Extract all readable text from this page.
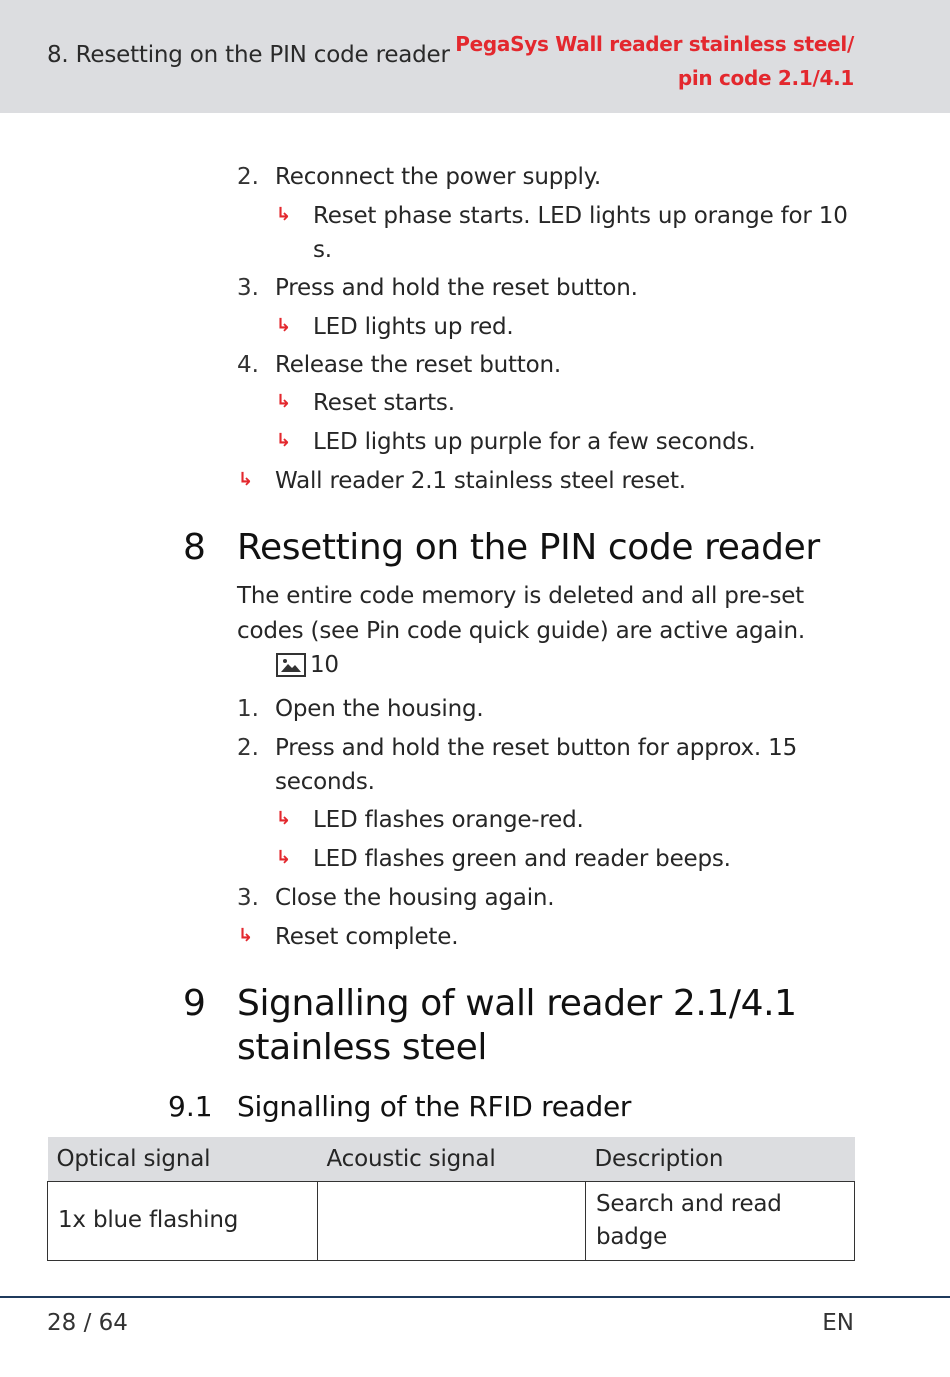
8. Resetting on the PIN code reader PegaSys Wall reader stainless steel/
pin code 2.1/4.1
2. Reconnect the power supply.
↳ Reset phase starts. LED lights up orange for 10
s.
3. Press and hold the reset button.
↳ LED lights up red.
4. Release the reset button.
↳ Reset starts.
↳ LED lights up purple for a few seconds.
↳ Wall reader 2.1 stainless steel reset.
8 Resetting on the PIN code reader
The entire code memory is deleted and all pre-set
codes (see Pin code quick guide) are active again.
10
1. Open the housing.
2. Press and hold the reset button for approx. 15
seconds.
↳ LED flashes orange-red.
↳ LED flashes green and reader beeps.
3. Close the housing again.
↳ Reset complete.
9 Signalling of wall reader 2.1/4.1
stainless steel
9.1 Signalling of the RFID reader
Optical signal	Acoustic signal	Description
1x blue flashing		Search and read badge
28 / 64	EN
